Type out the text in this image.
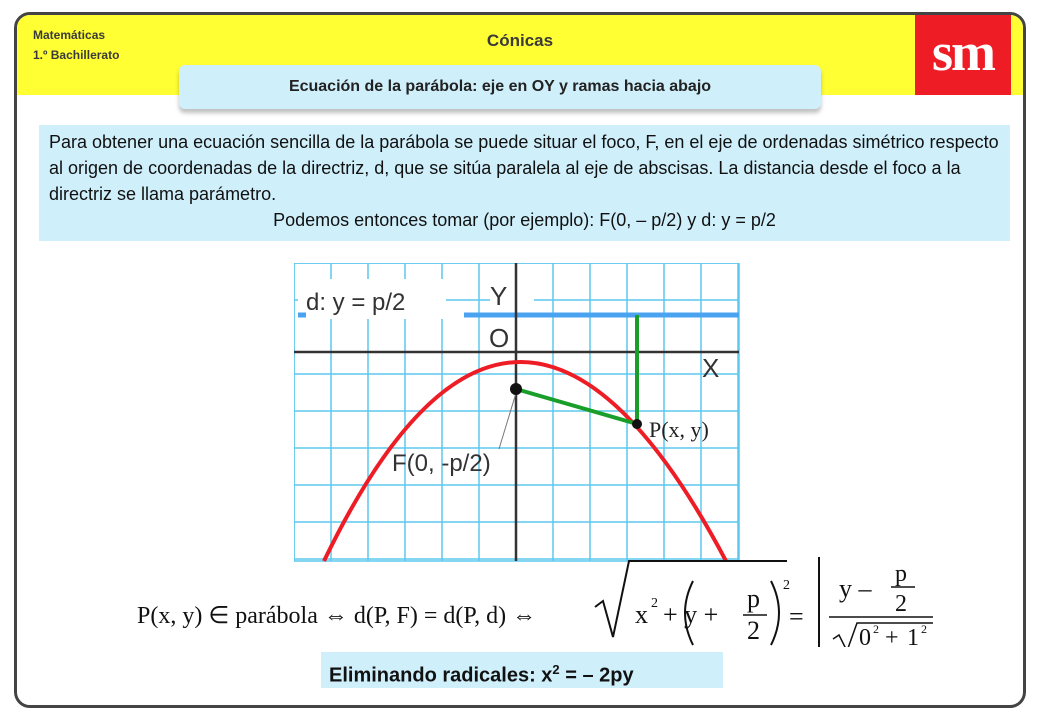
Matemáticas
1.º Bachillerato
Cónicas	sm
Ecuación de la parábola: eje en OY y ramas hacia abajo
Para obtener una ecuación sencilla de la parábola se puede situar el foco, F, en el eje de ordenadas simétrico respecto al origen de coordenadas de la directriz, d, que se sitúa paralela al eje de abscisas. La distancia desde el foco a la directriz se llama parámetro.
Podemos entonces tomar (por ejemplo): F(0, – p/2) y d: y = p/2
d: y = p/2	Y
O
X
F(0, -p/2)
P(x, y)
P(x, y) ∈ parábola ⇔ d(P, F) = d(P, d) ⇔	x 2 + y +
p
2
2
=
y – p
2
0 2 + 1 2
Eliminando radicales: $x^2$ = – 2py
